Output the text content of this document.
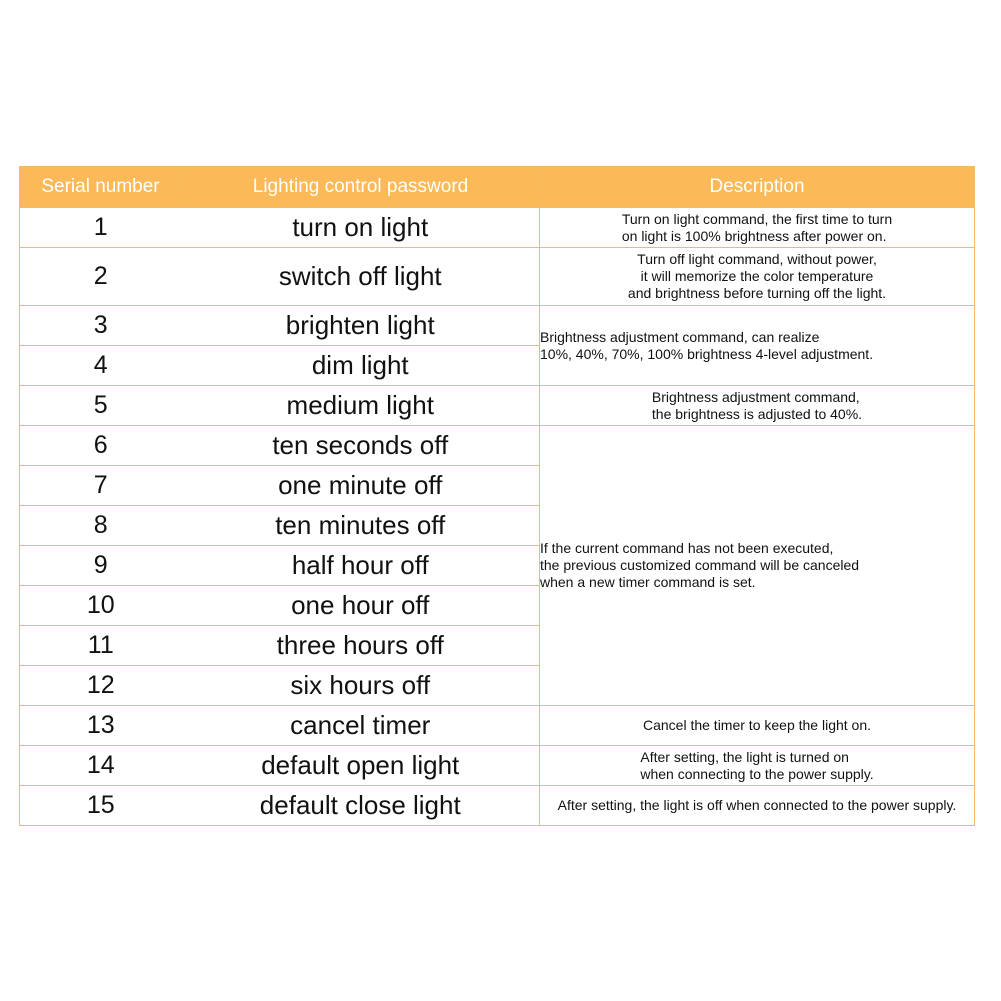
Serial number	Lighting control password	Description
1	turn on light	Turn on light command, the first time to turn
on light is 100% brightness after power on.
2	switch off light	Turn off light command, without power,
it will memorize the color temperature
and brightness before turning off the light.
3	brighten light	Brightness adjustment command, can realize
10%, 40%, 70%, 100% brightness 4-level adjustment.
4	dim light	
5	medium light	Brightness adjustment command,
the brightness is adjusted to 40%.
6	ten seconds off	If the current command has not been executed,
the previous customized command will be canceled
when a new timer command is set.
7	one minute off	
8	ten minutes off	
9	half hour off	
10	one hour off	
11	three hours off	
12	six hours off	
13	cancel timer	Cancel the timer to keep the light on.
14	default open light	After setting, the light is turned on
when connecting to the power supply.
15	default close light	After setting, the light is off when connected to the power supply.
